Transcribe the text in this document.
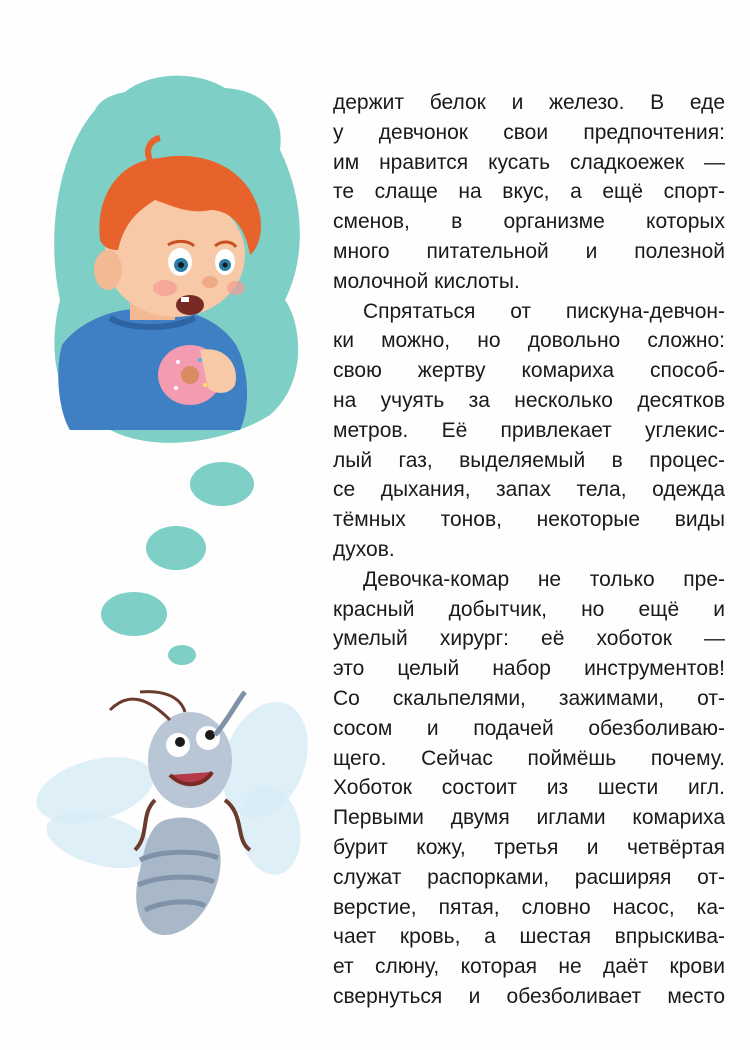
держит белок и железо. В еде
у девчонок свои предпочтения:
им нравится кусать сладкоежек —
те слаще на вкус, а ещё спорт-
сменов, в организме которых
много питательной и полезной
молочной кислоты.
Спрятаться от пискуна-девчон-
ки можно, но довольно сложно:
свою жертву комариха способ-
на учуять за несколько десятков
метров. Её привлекает углекис-
лый газ, выделяемый в процес-
се дыхания, запах тела, одежда
тёмных тонов, некоторые виды
духов.
Девочка-комар не только пре-
красный добытчик, но ещё и
умелый хирург: её хоботок —
это целый набор инструментов!
Со скальпелями, зажимами, от-
сосом и подачей обезболиваю-
щего. Сейчас поймёшь почему.
Хоботок состоит из шести игл.
Первыми двумя иглами комариха
бурит кожу, третья и четвёртая
служат распорками, расширяя от-
верстие, пятая, словно насос, ка-
чает кровь, а шестая впрыскива-
ет слюну, которая не даёт крови
свернуться и обезболивает место
